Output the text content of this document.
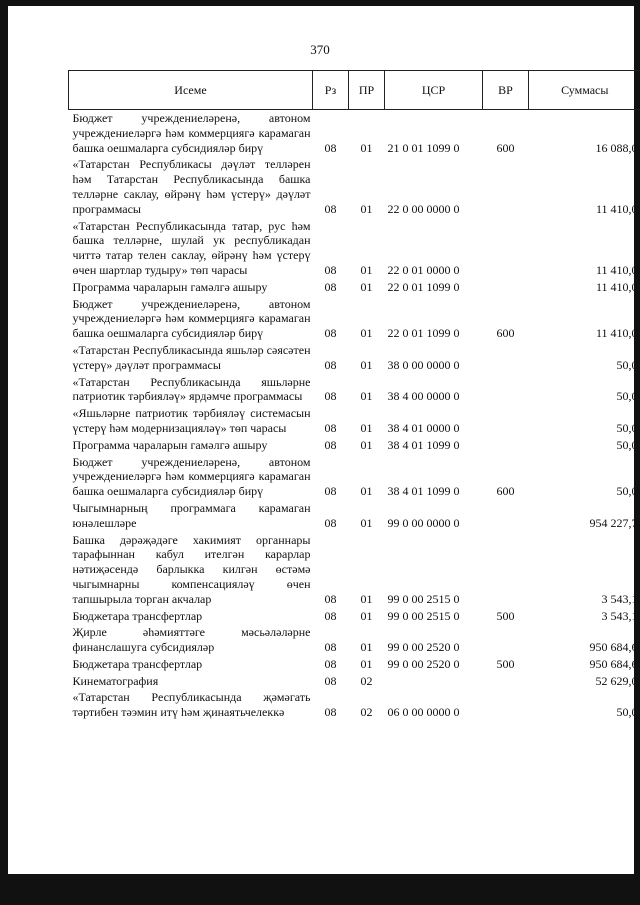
370
Исеме	Рз	ПР	ЦСР	ВР	Суммасы
Бюджет учреждениеләренә, автоном учреждениеләргә һәм коммерциягә карамаган башка оешмаларга субсидияләр бирү	08	01	21 0 01 1099 0	600	16 088,0
«Татарстан Республикасы дәүләт телләрен һәм Татарстан Республикасында башка телләрне саклау, өйрәнү һәм үстерү» дәүләт программасы	08	01	22 0 00 0000 0		11 410,0
«Татарстан Республикасында татар, рус һәм башка телләрне, шулай ук республикадан читтә татар телен саклау, өйрәнү һәм үстерү өчен шартлар тудыру» төп чарасы	08	01	22 0 01 0000 0		11 410,0
Программа чараларын гамәлгә ашыру	08	01	22 0 01 1099 0		11 410,0
Бюджет учреждениеләренә, автоном учреждениеләргә һәм коммерциягә карамаган башка оешмаларга субсидияләр бирү	08	01	22 0 01 1099 0	600	11 410,0
«Татарстан Республикасында яшьләр сәясәтен үстерү» дәүләт программасы	08	01	38 0 00 0000 0		50,0
«Татарстан Республикасында яшьләрне патриотик тәрбияләү» ярдәмче программасы	08	01	38 4 00 0000 0		50,0
«Яшьләрне патриотик тәрбияләү системасын үстерү һәм модернизацияләү» төп чарасы	08	01	38 4 01 0000 0		50,0
Программа чараларын гамәлгә ашыру	08	01	38 4 01 1099 0		50,0
Бюджет учреждениеләренә, автоном учреждениеләргә һәм коммерциягә карамаган башка оешмаларга субсидияләр бирү	08	01	38 4 01 1099 0	600	50,0
Чыгымнарның программага карамаган юнәлешләре	08	01	99 0 00 0000 0		954 227,7
Башка дәрәҗәдәге хакимият органнары тарафыннан кабул ителгән карарлар нәтиҗәсендә барлыкка килгән өстәмә чыгымнарны компенсацияләү өчен тапшырыла торган акчалар	08	01	99 0 00 2515 0		3 543,1
Бюджетара трансфертлар	08	01	99 0 00 2515 0	500	3 543,1
Җирле әһәмияттәге мәсьәләләрне финанслашуга субсидияләр	08	01	99 0 00 2520 0		950 684,6
Бюджетара трансфертлар	08	01	99 0 00 2520 0	500	950 684,6
Кинематография	08	02			52 629,0
«Татарстан Республикасында җәмәгать тәртибен тәэмин итү һәм җинаятьчелеккә	08	02	06 0 00 0000 0		50,0
